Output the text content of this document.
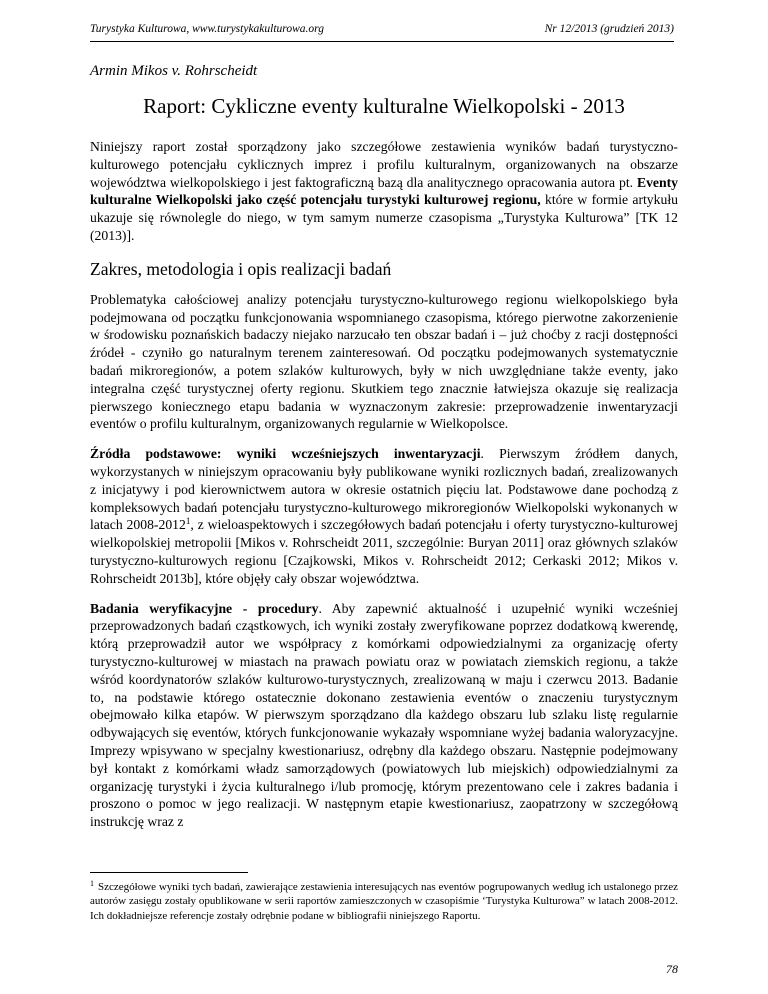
Turystyka Kulturowa, www.turystykakulturowa.org	Nr 12/2013 (grudzień 2013)
Armin Mikos v. Rohrscheidt
Raport: Cykliczne eventy kulturalne Wielkopolski - 2013

Niniejszy raport został sporządzony jako szczegółowe zestawienia wyników badań turystyczno-kulturowego potencjału cyklicznych imprez i profilu kulturalnym, organizowanych na obszarze województwa wielkopolskiego i jest faktograficzną bazą dla analitycznego opracowania autora pt. Eventy kulturalne Wielkopolski jako część potencjału turystyki kulturowej regionu, które w formie artykułu ukazuje się równolegle do niego, w tym samym numerze czasopisma „Turystyka Kulturowa” [TK 12 (2013)].

Zakres, metodologia i opis realizacji badań

Problematyka całościowej analizy potencjału turystyczno-kulturowego regionu wielkopolskiego była podejmowana od początku funkcjonowania wspomnianego czasopisma, którego pierwotne zakorzenienie w środowisku poznańskich badaczy niejako narzucało ten obszar badań i – już choćby z racji dostępności źródeł - czyniło go naturalnym terenem zainteresowań. Od początku podejmowanych systematycznie badań mikroregionów, a potem szlaków kulturowych, były w nich uwzględniane także eventy, jako integralna część turystycznej oferty regionu. Skutkiem tego znacznie łatwiejsza okazuje się realizacja pierwszego koniecznego etapu badania w wyznaczonym zakresie: przeprowadzenie inwentaryzacji eventów o profilu kulturalnym, organizowanych regularnie w Wielkopolsce.

Źródła podstawowe: wyniki wcześniejszych inwentaryzacji. Pierwszym źródłem danych, wykorzystanych w niniejszym opracowaniu były publikowane wyniki rozlicznych badań, zrealizowanych z inicjatywy i pod kierownictwem autora w okresie ostatnich pięciu lat. Podstawowe dane pochodzą z kompleksowych badań potencjału turystyczno-kulturowego mikroregionów Wielkopolski wykonanych w latach 2008-2012$^1$, z wieloaspektowych i szczegółowych badań potencjału i oferty turystyczno-kulturowej wielkopolskiej metropolii [Mikos v. Rohrscheidt 2011, szczególnie: Buryan 2011] oraz głównych szlaków turystyczno-kulturowych regionu [Czajkowski, Mikos v. Rohrscheidt 2012; Cerkaski 2012; Mikos v. Rohrscheidt 2013b], które objęły cały obszar województwa.

Badania weryfikacyjne - procedury. Aby zapewnić aktualność i uzupełnić wyniki wcześniej przeprowadzonych badań cząstkowych, ich wyniki zostały zweryfikowane poprzez dodatkową kwerendę, którą przeprowadził autor we współpracy z komórkami odpowiedzialnymi za organizację oferty turystyczno-kulturowej w miastach na prawach powiatu oraz w powiatach ziemskich regionu, a także wśród koordynatorów szlaków kulturowo-turystycznych, zrealizowaną w maju i czerwcu 2013. Badanie to, na podstawie którego ostatecznie dokonano zestawienia eventów o znaczeniu turystycznym obejmowało kilka etapów. W pierwszym sporządzano dla każdego obszaru lub szlaku listę regularnie odbywających się eventów, których funkcjonowanie wykazały wspomniane wyżej badania waloryzacyjne. Imprezy wpisywano w specjalny kwestionariusz, odrębny dla każdego obszaru. Następnie podejmowany był kontakt z komórkami władz samorządowych (powiatowych lub miejskich) odpowiedzialnymi za organizację turystyki i życia kulturalnego i/lub promocję, którym prezentowano cele i zakres badania i proszono o pomoc w jego realizacji. W następnym etapie kwestionariusz, zaopatrzony w szczegółową instrukcję wraz z

$^1$ Szczegółowe wyniki tych badań, zawierające zestawienia interesujących nas eventów pogrupowanych według ich ustalonego przez autorów zasięgu zostały opublikowane w serii raportów zamieszczonych w czasopiśmie ‘Turystyka Kulturowa” w latach 2008-2012. Ich dokładniejsze referencje zostały odrębnie podane w bibliografii niniejszego Raportu.
78
